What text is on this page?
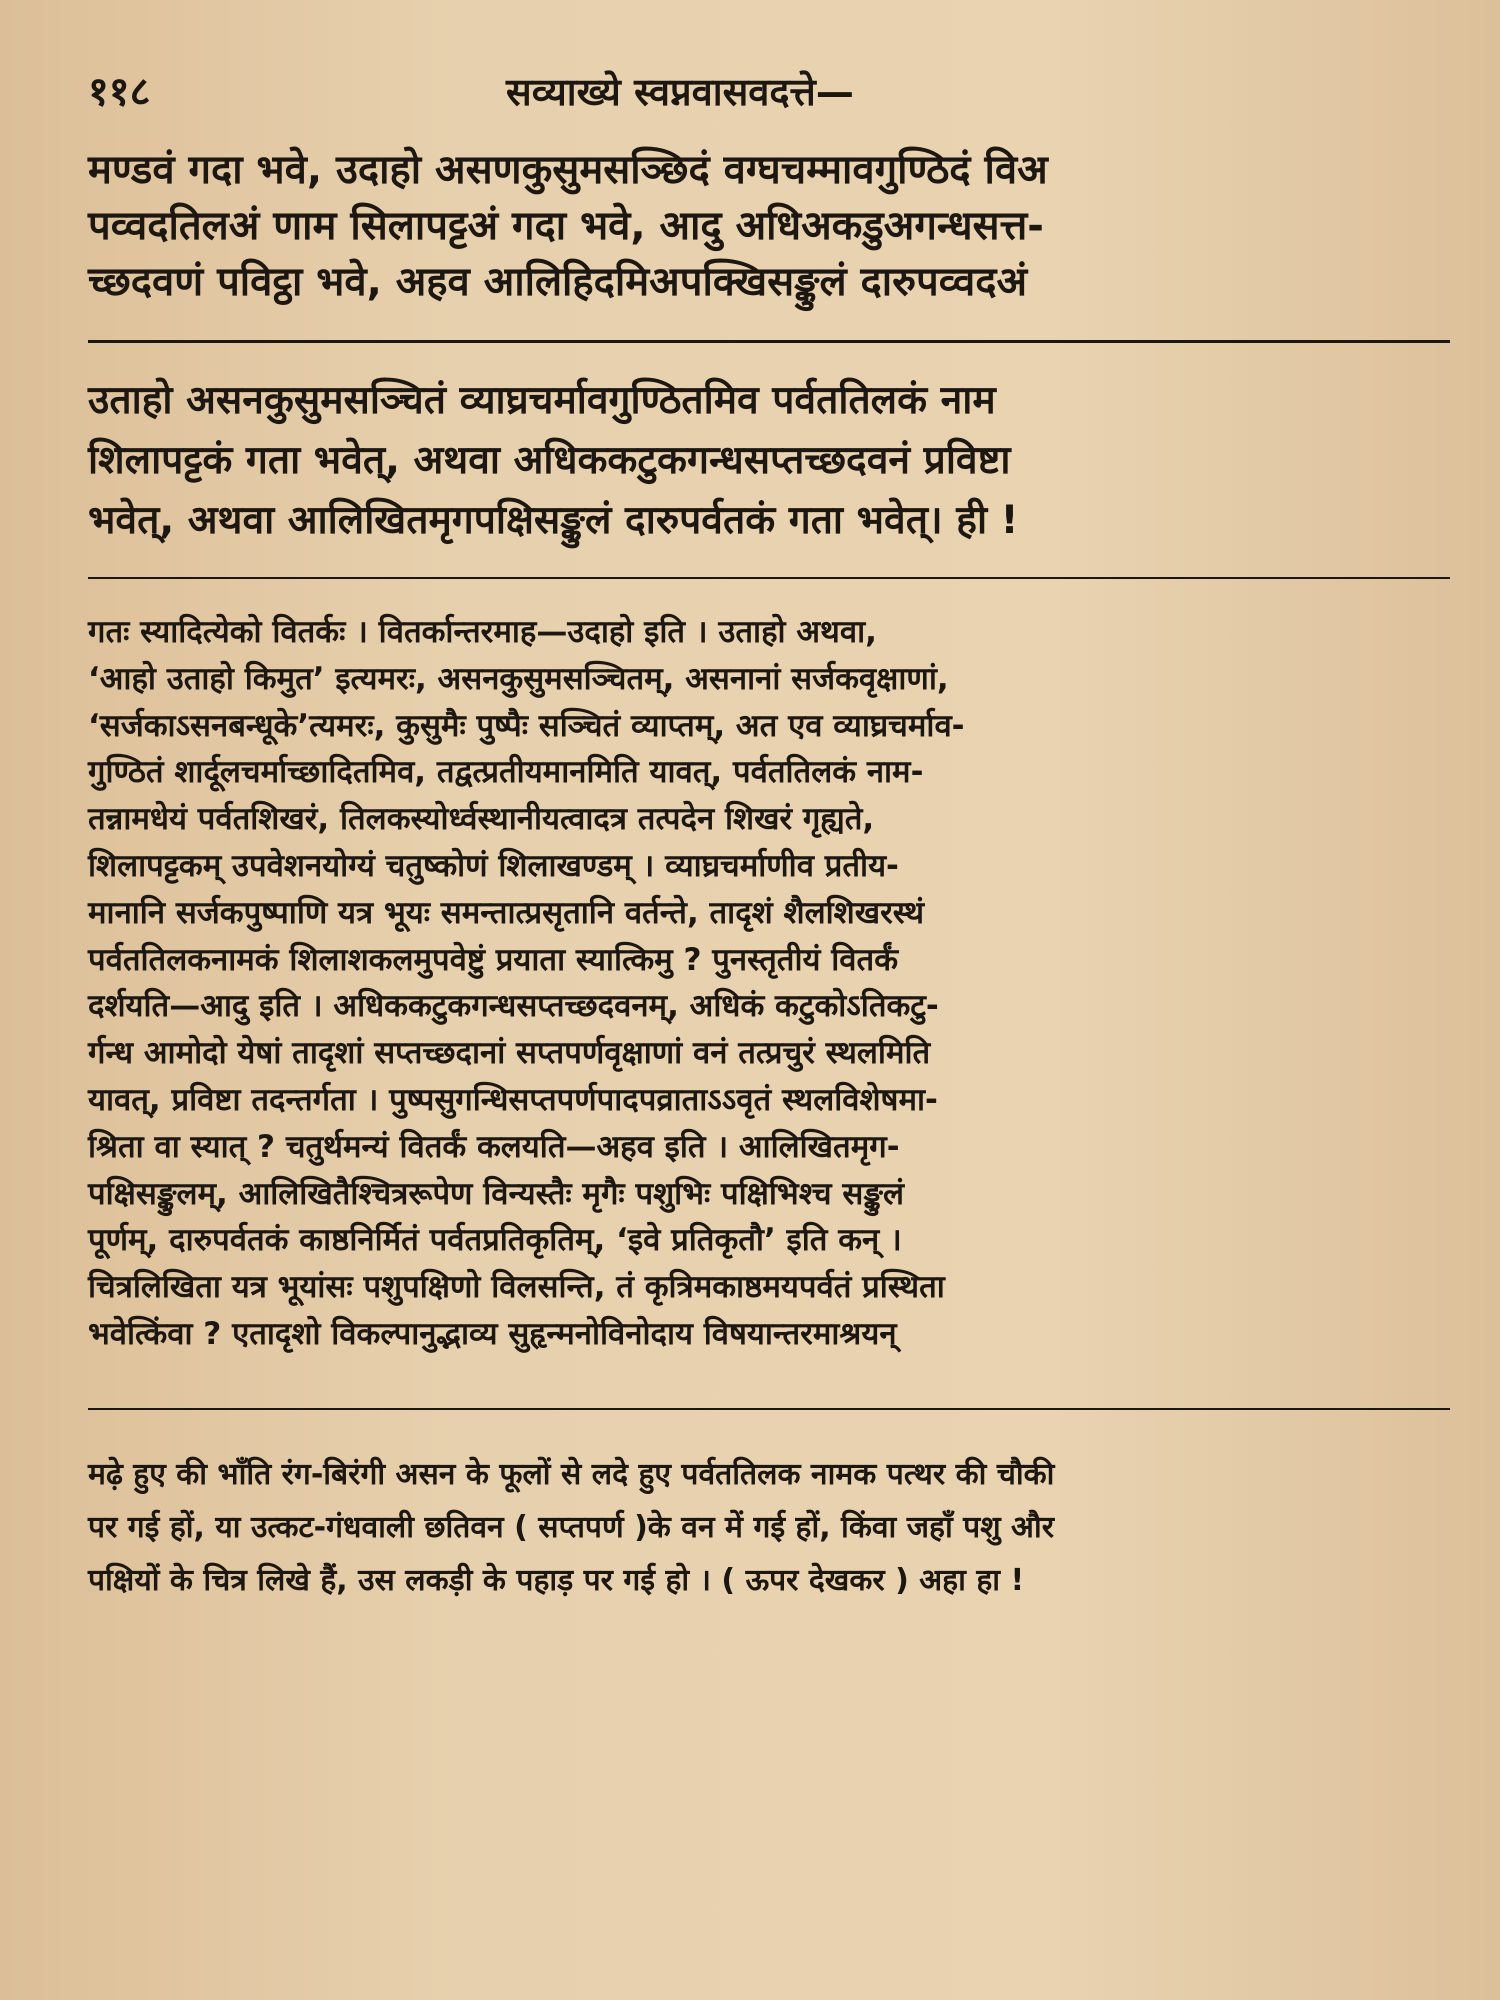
११८	सव्याख्ये स्वप्नवासवदत्ते—

मण्डवं गदा भवे, उदाहो असणकुसुमसञ्छिदं वग्घचम्मावगुण्ठिदं विअ

पव्वदतिलअं णाम सिलापट्टअं गदा भवे, आदु अधिअकडुअगन्धसत्त-

च्छदवणं पविट्ठा भवे, अहव आलिहिदमिअपक्खिसङ्कुलं दारुपव्वदअं

उताहो असनकुसुमसञ्चितं व्याघ्रचर्मावगुण्ठितमिव पर्वततिलकं नाम

शिलापट्टकं गता भवेत्, अथवा अधिककटुकगन्धसप्तच्छदवनं प्रविष्टा

भवेत्, अथवा आलिखितमृगपक्षिसङ्कुलं दारुपर्वतकं गता भवेत्। ही !

गतः स्यादित्येको वितर्कः । वितर्कान्तरमाह—उदाहो इति । उताहो अथवा,

‘आहो उताहो किमुत’ इत्यमरः, असनकुसुमसञ्चितम्, असनानां सर्जकवृक्षाणां,

‘सर्जकाऽसनबन्धूके’त्यमरः, कुसुमैः पुष्पैः सञ्चितं व्याप्तम्, अत एव व्याघ्रचर्माव-

गुण्ठितं शार्दूलचर्माच्छादितमिव, तद्वत्प्रतीयमानमिति यावत्, पर्वततिलकं नाम-

तन्नामधेयं पर्वतशिखरं, तिलकस्योर्ध्वस्थानीयत्वादत्र तत्पदेन शिखरं गृह्यते,

शिलापट्टकम् उपवेशनयोग्यं चतुष्कोणं शिलाखण्डम् । व्याघ्रचर्माणीव प्रतीय-

मानानि सर्जकपुष्पाणि यत्र भूयः समन्तात्प्रसृतानि वर्तन्ते, तादृशं शैलशिखरस्थं

पर्वततिलकनामकं शिलाशकलमुपवेष्टुं प्रयाता स्यात्किमु ? पुनस्तृतीयं वितर्कं

दर्शयति—आदु इति । अधिककटुकगन्धसप्तच्छदवनम्, अधिकं कटुकोऽतिकटु-

र्गन्ध आमोदो येषां तादृशां सप्तच्छदानां सप्तपर्णवृक्षाणां वनं तत्प्रचुरं स्थलमिति

यावत्, प्रविष्टा तदन्तर्गता । पुष्पसुगन्धिसप्तपर्णपादपव्राताऽऽवृतं स्थलविशेषमा-

श्रिता वा स्यात् ? चतुर्थमन्यं वितर्कं कलयति—अहव इति । आलिखितमृग-

पक्षिसङ्कुलम्, आलिखितैश्चित्ररूपेण विन्यस्तैः मृगैः पशुभिः पक्षिभिश्च सङ्कुलं

पूर्णम्, दारुपर्वतकं काष्ठनिर्मितं पर्वतप्रतिकृतिम्, ‘इवे प्रतिकृतौ’ इति कन् ।

चित्रलिखिता यत्र भूयांसः पशुपक्षिणो विलसन्ति, तं कृत्रिमकाष्ठमयपर्वतं प्रस्थिता

भवेत्किंवा ? एतादृशो विकल्पानुद्भाव्य सुहृन्मनोविनोदाय विषयान्तरमाश्रयन्

मढ़े हुए की भाँति रंग-बिरंगी असन के फूलों से लदे हुए पर्वततिलक नामक पत्थर की चौकी

पर गई हों, या उत्कट-गंधवाली छतिवन ( सप्तपर्ण )के वन में गई हों, किंवा जहाँ पशु और

पक्षियों के चित्र लिखे हैं, उस लकड़ी के पहाड़ पर गई हो । ( ऊपर देखकर ) अहा हा !
